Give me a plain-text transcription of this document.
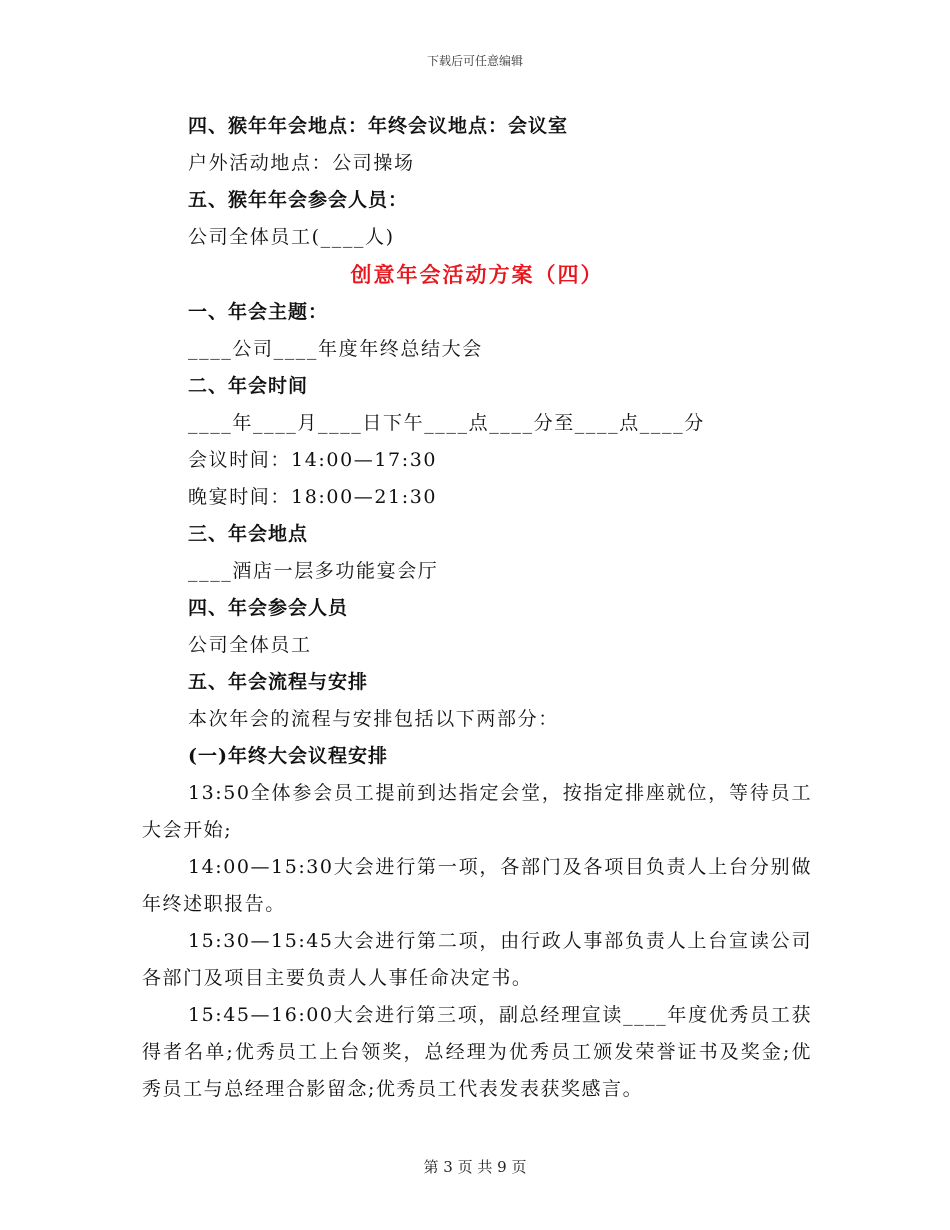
下载后可任意编辑
四、猴年年会地点：年终会议地点：会议室
户外活动地点：公司操场
五、猴年年会参会人员：
公司全体员工(____人)
创意年会活动方案（四）
一、年会主题：
____公司____年度年终总结大会
二、年会时间
____年____月____日下午____点____分至____点____分
会议时间：14:00—17:30
晚宴时间：18:00—21:30
三、年会地点
____酒店一层多功能宴会厅
四、年会参会人员
公司全体员工
五、年会流程与安排
本次年会的流程与安排包括以下两部分：
(一)年终大会议程安排
13:50全体参会员工提前到达指定会堂，按指定排座就位，等待员工大会开始;
14:00—15:30大会进行第一项，各部门及各项目负责人上台分别做年终述职报告。
15:30—15:45大会进行第二项，由行政人事部负责人上台宣读公司各部门及项目主要负责人人事任命决定书。
15:45—16:00大会进行第三项，副总经理宣读____年度优秀员工获得者名单;优秀员工上台领奖，总经理为优秀员工颁发荣誉证书及奖金;优秀员工与总经理合影留念;优秀员工代表发表获奖感言。
第 3 页 共 9 页
